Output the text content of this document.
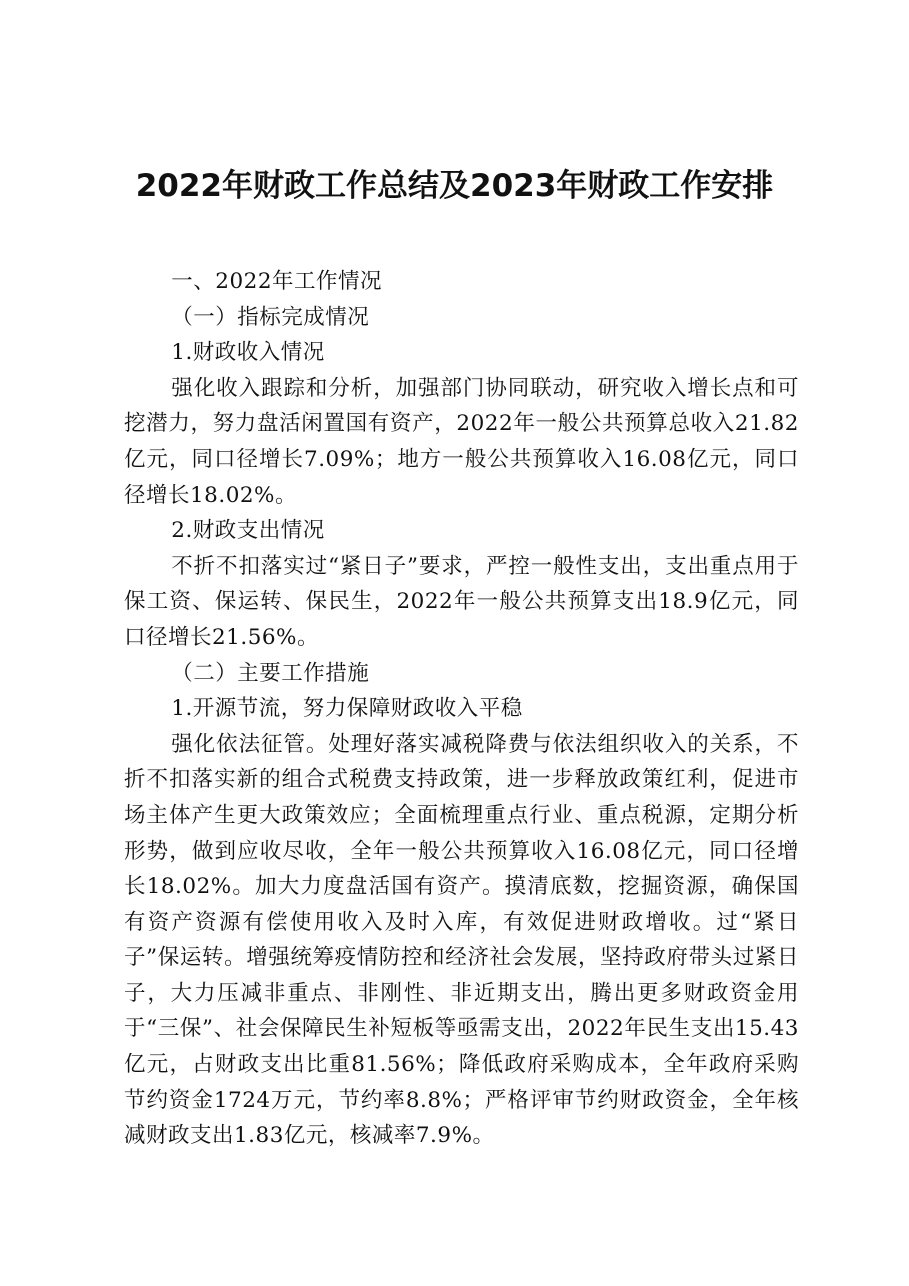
2022年财政工作总结及2023年财政工作安排

一、2022年工作情况

（一）指标完成情况

1.财政收入情况

强化收入跟踪和分析，加强部门协同联动，研究收入增长点和可挖潜力，努力盘活闲置国有资产，2022年一般公共预算总收入21.82亿元，同口径增长7.09%；地方一般公共预算收入16.08亿元，同口径增长18.02%。

2.财政支出情况

不折不扣落实过“紧日子”要求，严控一般性支出，支出重点用于保工资、保运转、保民生，2022年一般公共预算支出18.9亿元，同口径增长21.56%。

（二）主要工作措施

1.开源节流，努力保障财政收入平稳

强化依法征管。处理好落实减税降费与依法组织收入的关系，不折不扣落实新的组合式税费支持政策，进一步释放政策红利，促进市场主体产生更大政策效应；全面梳理重点行业、重点税源，定期分析形势，做到应收尽收，全年一般公共预算收入16.08亿元，同口径增长18.02%。加大力度盘活国有资产。摸清底数，挖掘资源，确保国有资产资源有偿使用收入及时入库，有效促进财政增收。过“紧日子”保运转。增强统筹疫情防控和经济社会发展，坚持政府带头过紧日子，大力压减非重点、非刚性、非近期支出，腾出更多财政资金用于“三保”、社会保障民生补短板等亟需支出，2022年民生支出15.43亿元，占财政支出比重81.56%；降低政府采购成本，全年政府采购节约资金1724万元，节约率8.8%；严格评审节约财政资金，全年核减财政支出1.83亿元，核减率7.9%。
